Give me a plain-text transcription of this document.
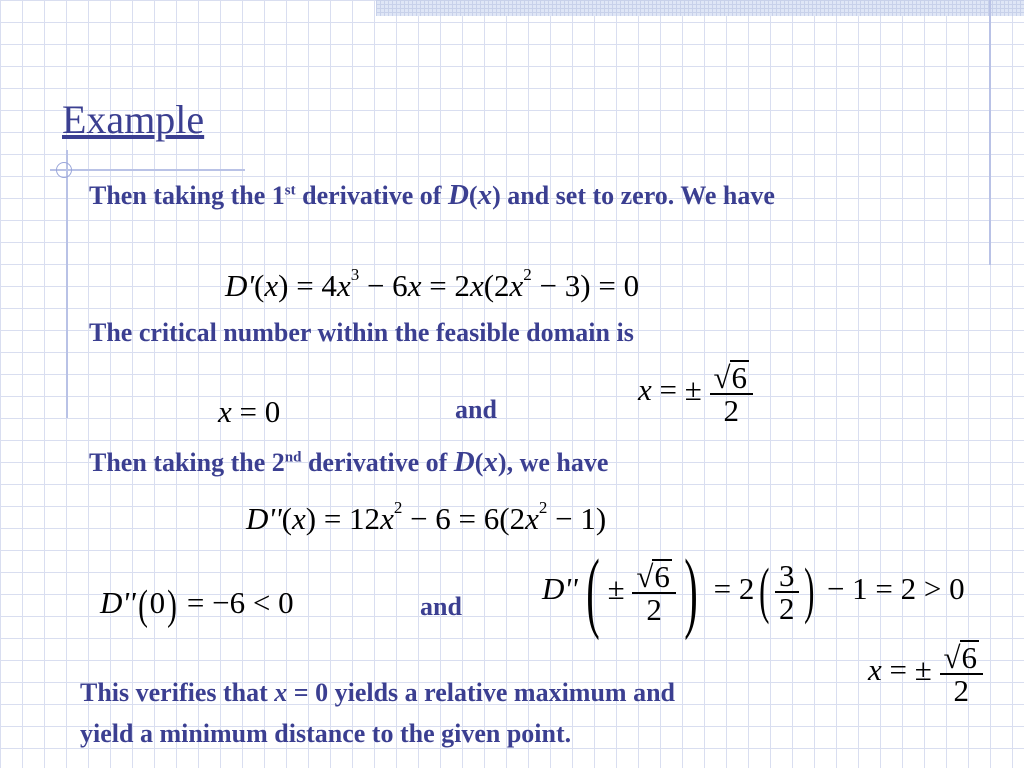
Example

Then taking the 1st derivative of D(x) and set to zero. We have

$D'(x) = 4x^3 - 6x = 2x(2x^2 - 3) = 0$

The critical number within the feasible domain is

x = 0	and
x = ± $\frac{√6}{2}$

Then taking the 2nd derivative of D(x), we have

$D''(x) = 12x^2 - 6 = 6(2x^2 - 1)$
D''(0) = −6 < 0	and
$D''( \pm \frac{√6}{2}$ ) = $2( \frac{3}{2}$ ) − 1 = 2 > 0

This verifies that x = 0 yields a relative maximum and
yield a minimum distance to the given point.

x = ± $\frac{√6}{2}$
